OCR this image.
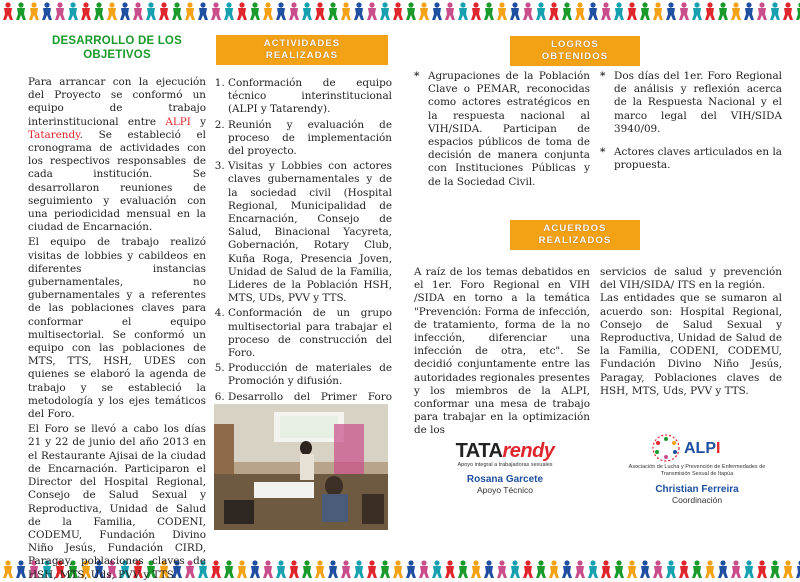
DESARROLLO DE LOS OBJETIVOS

Para arrancar con la ejecución del Proyecto se conformó un equipo de trabajo interinstitucional entre ALPI y Tatarendy. Se estableció el cronograma de actividades con los respectivos responsables de cada institución. Se desarrollaron reuniones de seguimiento y evaluación con una periodicidad mensual en la ciudad de Encarnación.

El equipo de trabajo realizó visitas de lobbies y cabildeos en diferentes instancias gubernamentales, no gubernamentales y a referentes de las poblaciones claves para conformar el equipo multisectorial. Se conformó un equipo con las poblaciones de MTS, TTS, HSH, UDES con quienes se elaboró la agenda de trabajo y se estableció la metodología y los ejes temáticos del Foro.

El Foro se llevó a cabo los días 21 y 22 de junio del año 2013 en el Restaurante Ajisai de la ciudad de Encarnación. Participaron el Director del Hospital Regional, Consejo de Salud Sexual y Reproductiva, Unidad de Salud de la Familia, CODENI, CODEMU, Fundación Divino Niño Jesús, Fundación CIRD, Paragay, poblaciones claves de HSH, MTS, Uds, PVV y TTS.

ACTIVIDADES
REALIZADAS
1. Conformación de equipo técnico interinstitucional (ALPI y Tatarendy).
2. Reunión y evaluación de proceso de implementación del proyecto.
3. Visitas y Lobbies con actores claves gubernamentales y de la sociedad civil (Hospital Regional, Municipalidad de Encarnación, Consejo de Salud, Binacional Yacyreta, Gobernación, Rotary Club, Kuña Roga, Presencia Joven, Unidad de Salud de la Familia, Lideres de la Población HSH, MTS, UDs, PVV y TTS.
4. Conformación de un grupo multisectorial para trabajar el proceso de construcción del Foro.
5. Producción de materiales de Promoción y difusión.
6. Desarrollo del Primer Foro
LOGROS
OBTENIDOS
* Agrupaciones de la Población Clave o PEMAR, reconocidas como actores estratégicos en la respuesta nacional al VIH/SIDA. Participan de espacios públicos de toma de decisión de manera conjunta con Instituciones Públicas y de la Sociedad Civil.
* Dos días del 1er. Foro Regional de análisis y reflexión acerca de la Respuesta Nacional y el marco legal del VIH/SIDA 3940/09.
* Actores claves articulados en la propuesta.
ACUERDOS
REALIZADOS
A raíz de los temas debatidos en el 1er. Foro Regional en VIH /SIDA en torno a la temática "Prevención: Forma de infección, de tratamiento, forma de la no infección, diferenciar una infección de otra, etc". Se decidió conjuntamente entre las autoridades regionales presentes y los miembros de la ALPI, conformar una mesa de trabajo para trabajar en la optimización de los
servicios de salud y prevención del VIH/SIDA/ ITS en la región.
Las entidades que se sumaron al acuerdo son: Hospital Regional, Consejo de Salud Sexual y Reproductiva, Unidad de Salud de la Familia, CODENI, CODEMU, Fundación Divino Niño Jesús, Paragay, Poblaciones claves de HSH, MTS, Uds, PVV y TTS.
TATArendy
Apoyo integral a trabajadoras sexuales
Rosana Garcete
Apoyo Técnico
ALP I
Asociación de Lucha y Prevención de Enfermedades de Transmisión Sexual de Itapúa
Christian Ferreira
Coordinación
